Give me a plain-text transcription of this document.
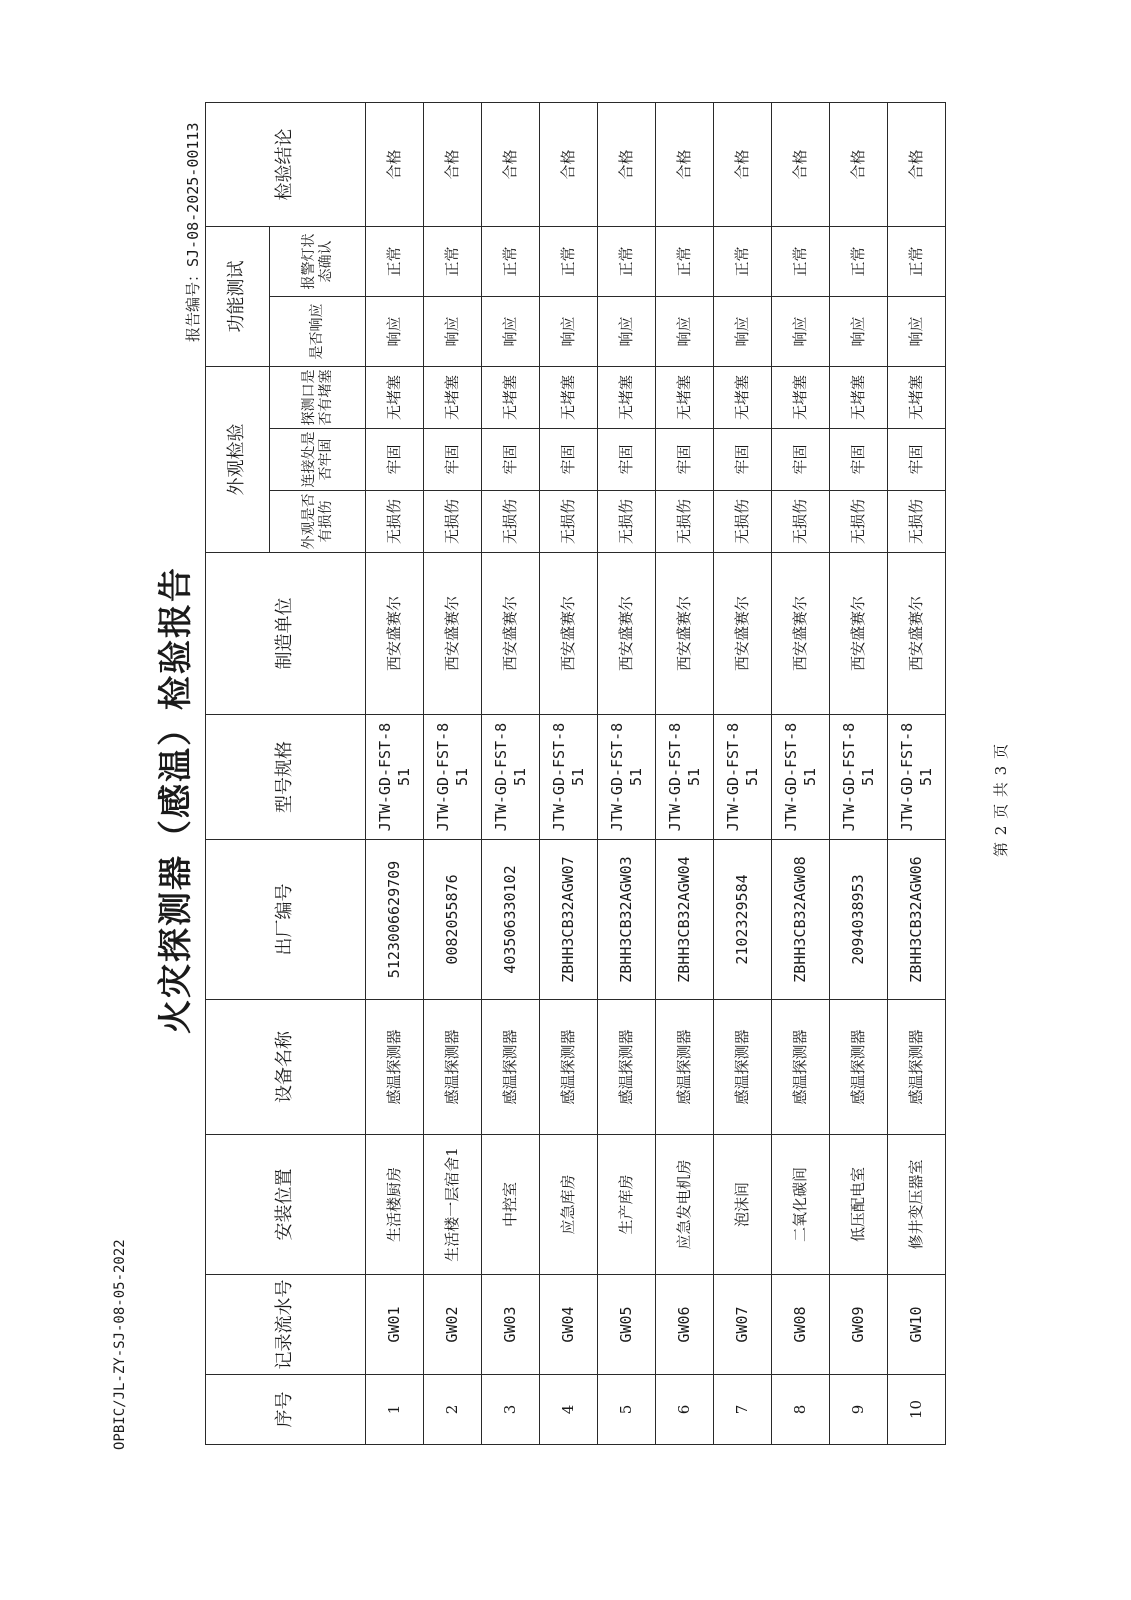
OPBIC/JL-ZY-SJ-08-05-2022
火灾探测器（感温）检验报告
报告编号：SJ-08-2025-00113
序号	记录流水号	安装位置	设备名称	出厂编号	型号规格	制造单位	外观检验			功能测试		检验结论
							外观是否有损伤	连接处是否牢固	探测口是否有堵塞	是否响应	报警灯状态确认	
1	GW01	生活楼厨房	感温探测器	5123006629709	JTW-GD-FST-851	西安盛赛尔	无损伤	牢固	无堵塞	响应	正常	合格
2	GW02	生活楼一层宿舍1	感温探测器	0082055876	JTW-GD-FST-851	西安盛赛尔	无损伤	牢固	无堵塞	响应	正常	合格
3	GW03	中控室	感温探测器	403506330102	JTW-GD-FST-851	西安盛赛尔	无损伤	牢固	无堵塞	响应	正常	合格
4	GW04	应急库房	感温探测器	ZBHH3CB32AGW07	JTW-GD-FST-851	西安盛赛尔	无损伤	牢固	无堵塞	响应	正常	合格
5	GW05	生产库房	感温探测器	ZBHH3CB32AGW03	JTW-GD-FST-851	西安盛赛尔	无损伤	牢固	无堵塞	响应	正常	合格
6	GW06	应急发电机房	感温探测器	ZBHH3CB32AGW04	JTW-GD-FST-851	西安盛赛尔	无损伤	牢固	无堵塞	响应	正常	合格
7	GW07	泡沫间	感温探测器	2102329584	JTW-GD-FST-851	西安盛赛尔	无损伤	牢固	无堵塞	响应	正常	合格
8	GW08	二氧化碳间	感温探测器	ZBHH3CB32AGW08	JTW-GD-FST-851	西安盛赛尔	无损伤	牢固	无堵塞	响应	正常	合格
9	GW09	低压配电室	感温探测器	2094038953	JTW-GD-FST-851	西安盛赛尔	无损伤	牢固	无堵塞	响应	正常	合格
10	GW10	修井变压器室	感温探测器	ZBHH3CB32AGW06	JTW-GD-FST-851	西安盛赛尔	无损伤	牢固	无堵塞	响应	正常	合格
第 2 页 共 3 页
